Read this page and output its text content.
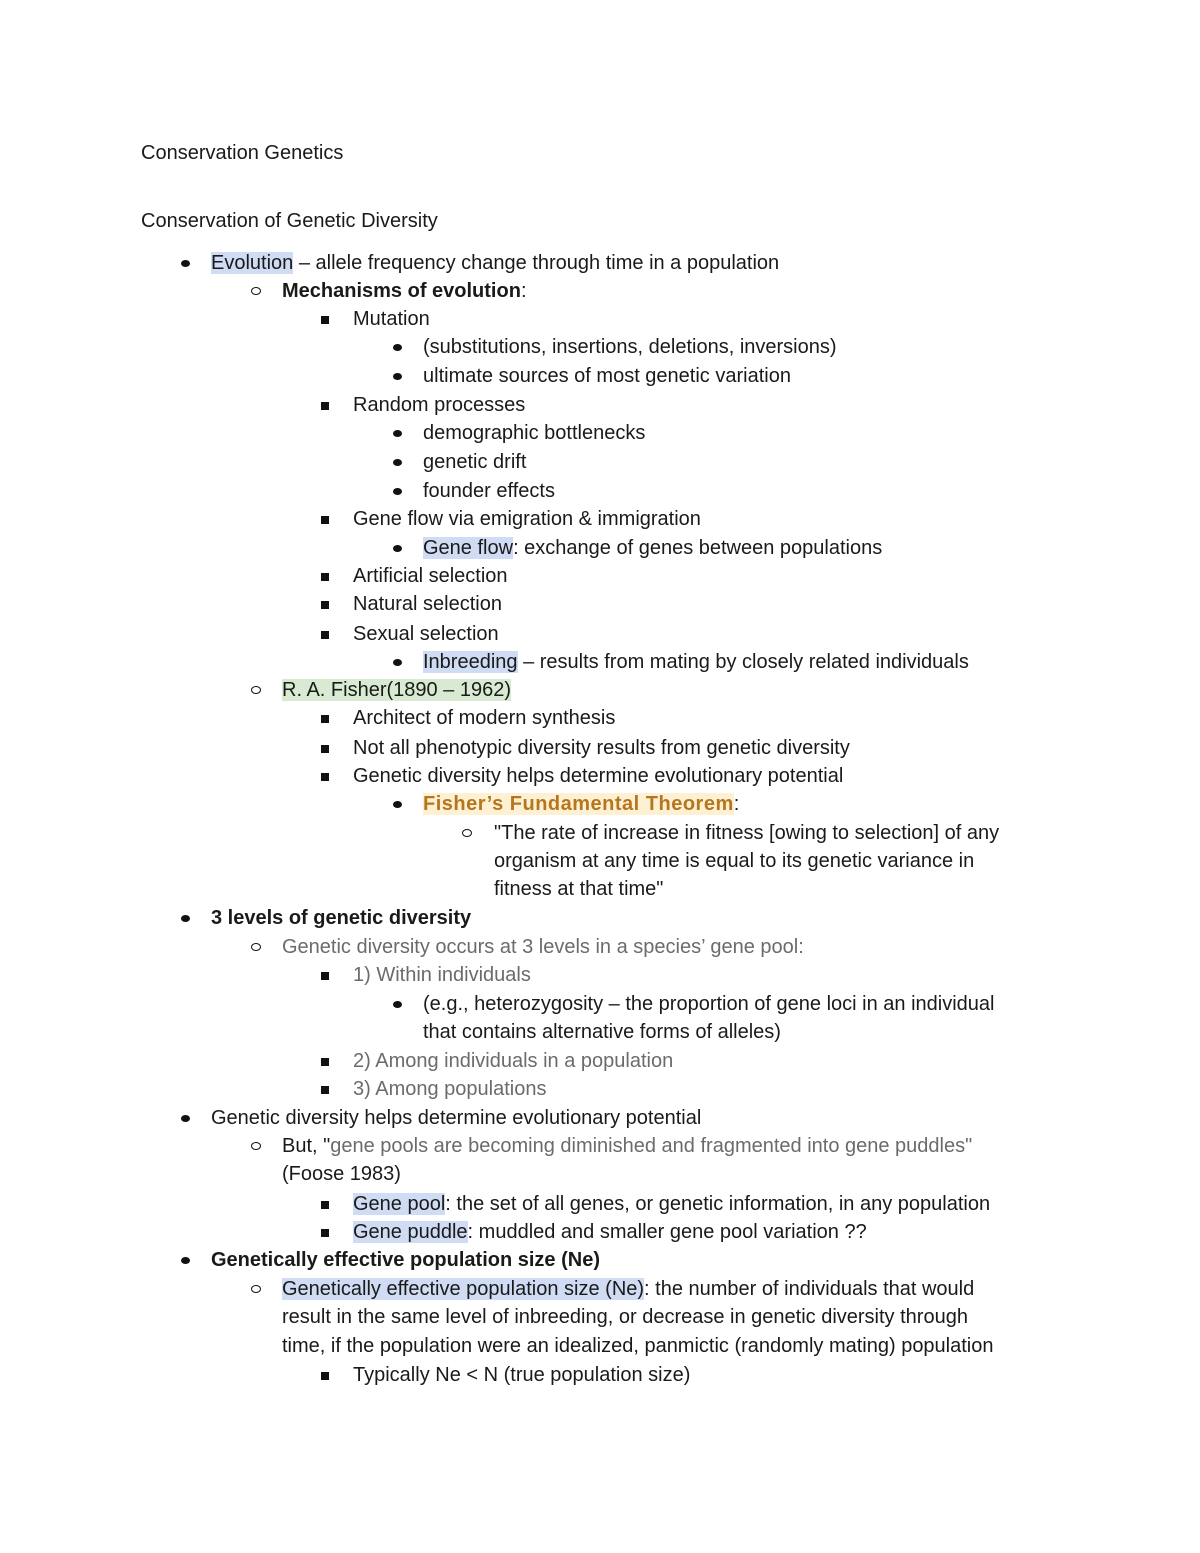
Conservation Genetics
Conservation of Genetic Diversity
Evolution – allele frequency change through time in a population
Mechanisms of evolution:
Mutation
(substitutions, insertions, deletions, inversions)
ultimate sources of most genetic variation
Random processes
demographic bottlenecks
genetic drift
founder effects
Gene flow via emigration & immigration
Gene flow: exchange of genes between populations
Artificial selection
Natural selection
Sexual selection
Inbreeding – results from mating by closely related individuals
R. A. Fisher(1890 – 1962)
Architect of modern synthesis
Not all phenotypic diversity results from genetic diversity
Genetic diversity helps determine evolutionary potential
Fisher’s Fundamental Theorem:
"The rate of increase in fitness [owing to selection] of any
organism at any time is equal to its genetic variance in
fitness at that time"
3 levels of genetic diversity
Genetic diversity occurs at 3 levels in a species’ gene pool:
1) Within individuals
(e.g., heterozygosity – the proportion of gene loci in an individual
that contains alternative forms of alleles)
2) Among individuals in a population
3) Among populations
Genetic diversity helps determine evolutionary potential
But, "gene pools are becoming diminished and fragmented into gene puddles"
(Foose 1983)
Gene pool: the set of all genes, or genetic information, in any population
Gene puddle: muddled and smaller gene pool variation ??
Genetically effective population size (Ne)
Genetically effective population size (Ne): the number of individuals that would
result in the same level of inbreeding, or decrease in genetic diversity through
time, if the population were an idealized, panmictic (randomly mating) population
Typically Ne < N (true population size)
